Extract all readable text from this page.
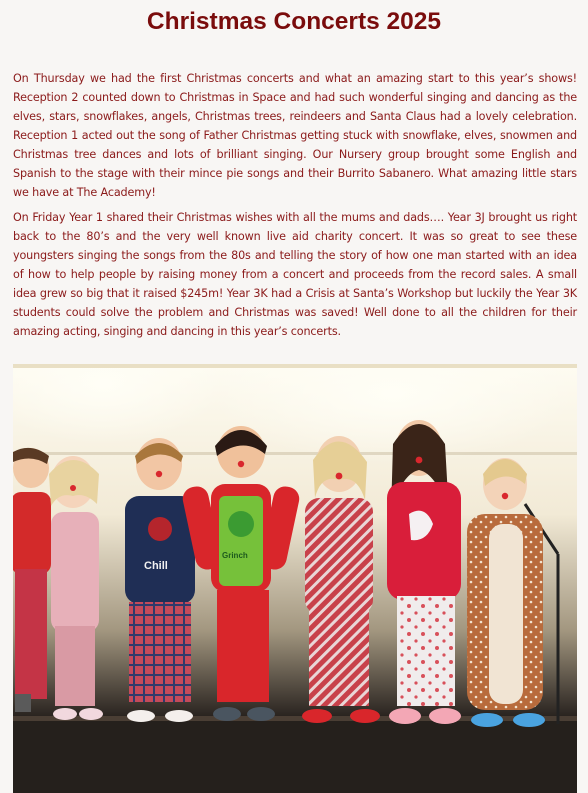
Christmas Concerts 2025

On Thursday we had the first Christmas concerts and what an amazing start to this year’s shows! Reception 2 counted down to Christmas in Space and had such wonderful singing and dancing as the elves, stars, snowflakes, angels, Christmas trees, reindeers and Santa Claus had a lovely celebration. Reception 1 acted out the song of Father Christmas getting stuck with snowflake, elves, snowmen and Christmas tree dances and lots of brilliant singing. Our Nursery group brought some English and Spanish to the stage with their mince pie songs and their Burrito Sabanero. What amazing little stars we have at The Academy!

On Friday Year 1 shared their Christmas wishes with all the mums and dads…. Year 3J brought us right back to the 80’s and the very well known live aid charity concert. It was so great to see these youngsters singing the songs from the 80s and telling the story of how one man started with an idea of how to help people by raising money from a concert and proceeds from the record sales. A small idea grew so big that it raised $245m! Year 3K had a Crisis at Santa’s Workshop but luckily the Year 3K students could solve the problem and Christmas was saved! Well done to all the children for their amazing acting, singing and dancing in this year’s concerts.

Chill
Grinch
